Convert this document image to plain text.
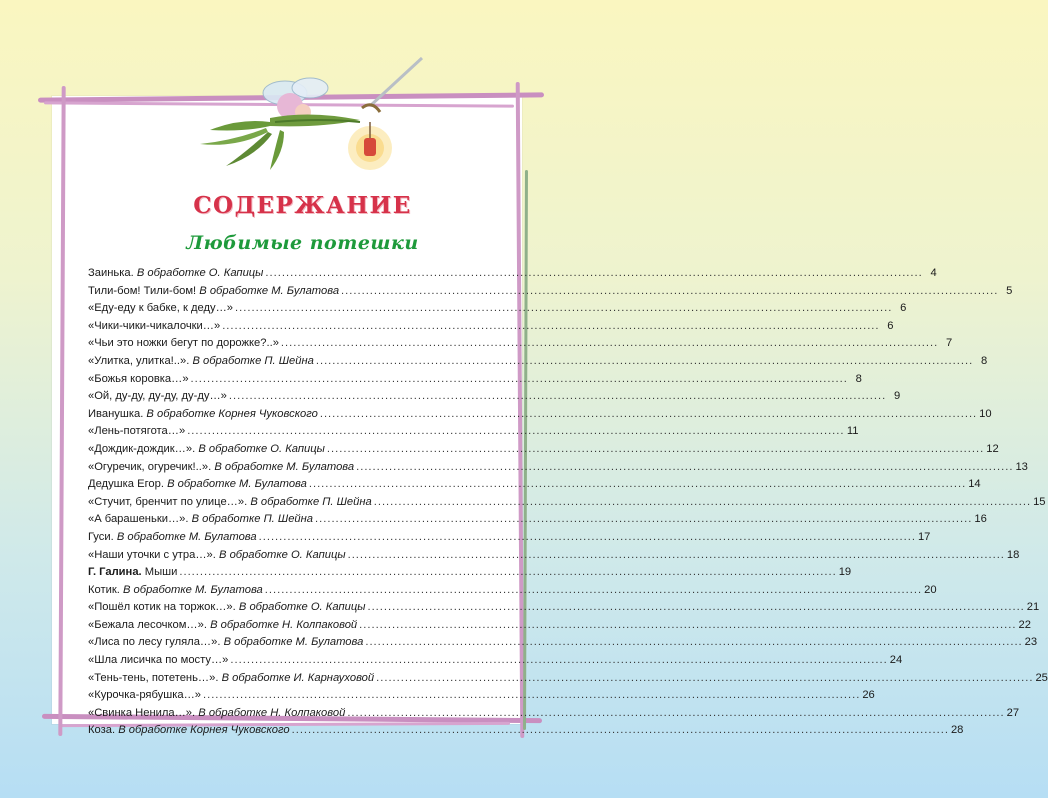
СОДЕРЖАНИЕ
Любимые потешки
Заинька. В обработке О. Капицы .....	4
Тили-бом! Тили-бом! В обработке М. Булатова .....	5
«Еду-еду к бабке, к деду…» .....	6
«Чики-чики-чикалочки…» .....	6
«Чьи это ножки бегут по дорожке?..» .....	7
«Улитка, улитка!..». В обработке П. Шейна .....	8
«Божья коровка…» .....	8
«Ой, ду-ду, ду-ду, ду-ду…» .....	9
Иванушка. В обработке Корнея Чуковского .....	10
«Лень-потягота…» .....	11
«Дождик-дождик…». В обработке О. Капицы .....	12
«Огуречик, огуречик!..». В обработке М. Булатова .....	13
Дедушка Егор. В обработке М. Булатова .....	14
«Стучит, бренчит по улице…». В обработке П. Шейна .....	15
«А барашеньки…». В обработке П. Шейна .....	16
Гуси. В обработке М. Булатова .....	17
«Наши уточки с утра…». В обработке О. Капицы .....	18
Г. Галина. Мыши .....	19
Котик. В обработке М. Булатова .....	20
«Пошёл котик на торжок…». В обработке О. Капицы .....	21
«Бежала лесочком…». В обработке Н. Колпаковой .....	22
«Лиса по лесу гуляла…». В обработке М. Булатова .....	23
«Шла лисичка по мосту…» .....	24
«Тень-тень, потетень…». В обработке И. Карнауховой .....	25
«Курочка-рябушка…» .....	26
«Свинка Ненила…». В обработке Н. Колпаковой .....	27
Коза. В обработке Корнея Чуковского .....	28
